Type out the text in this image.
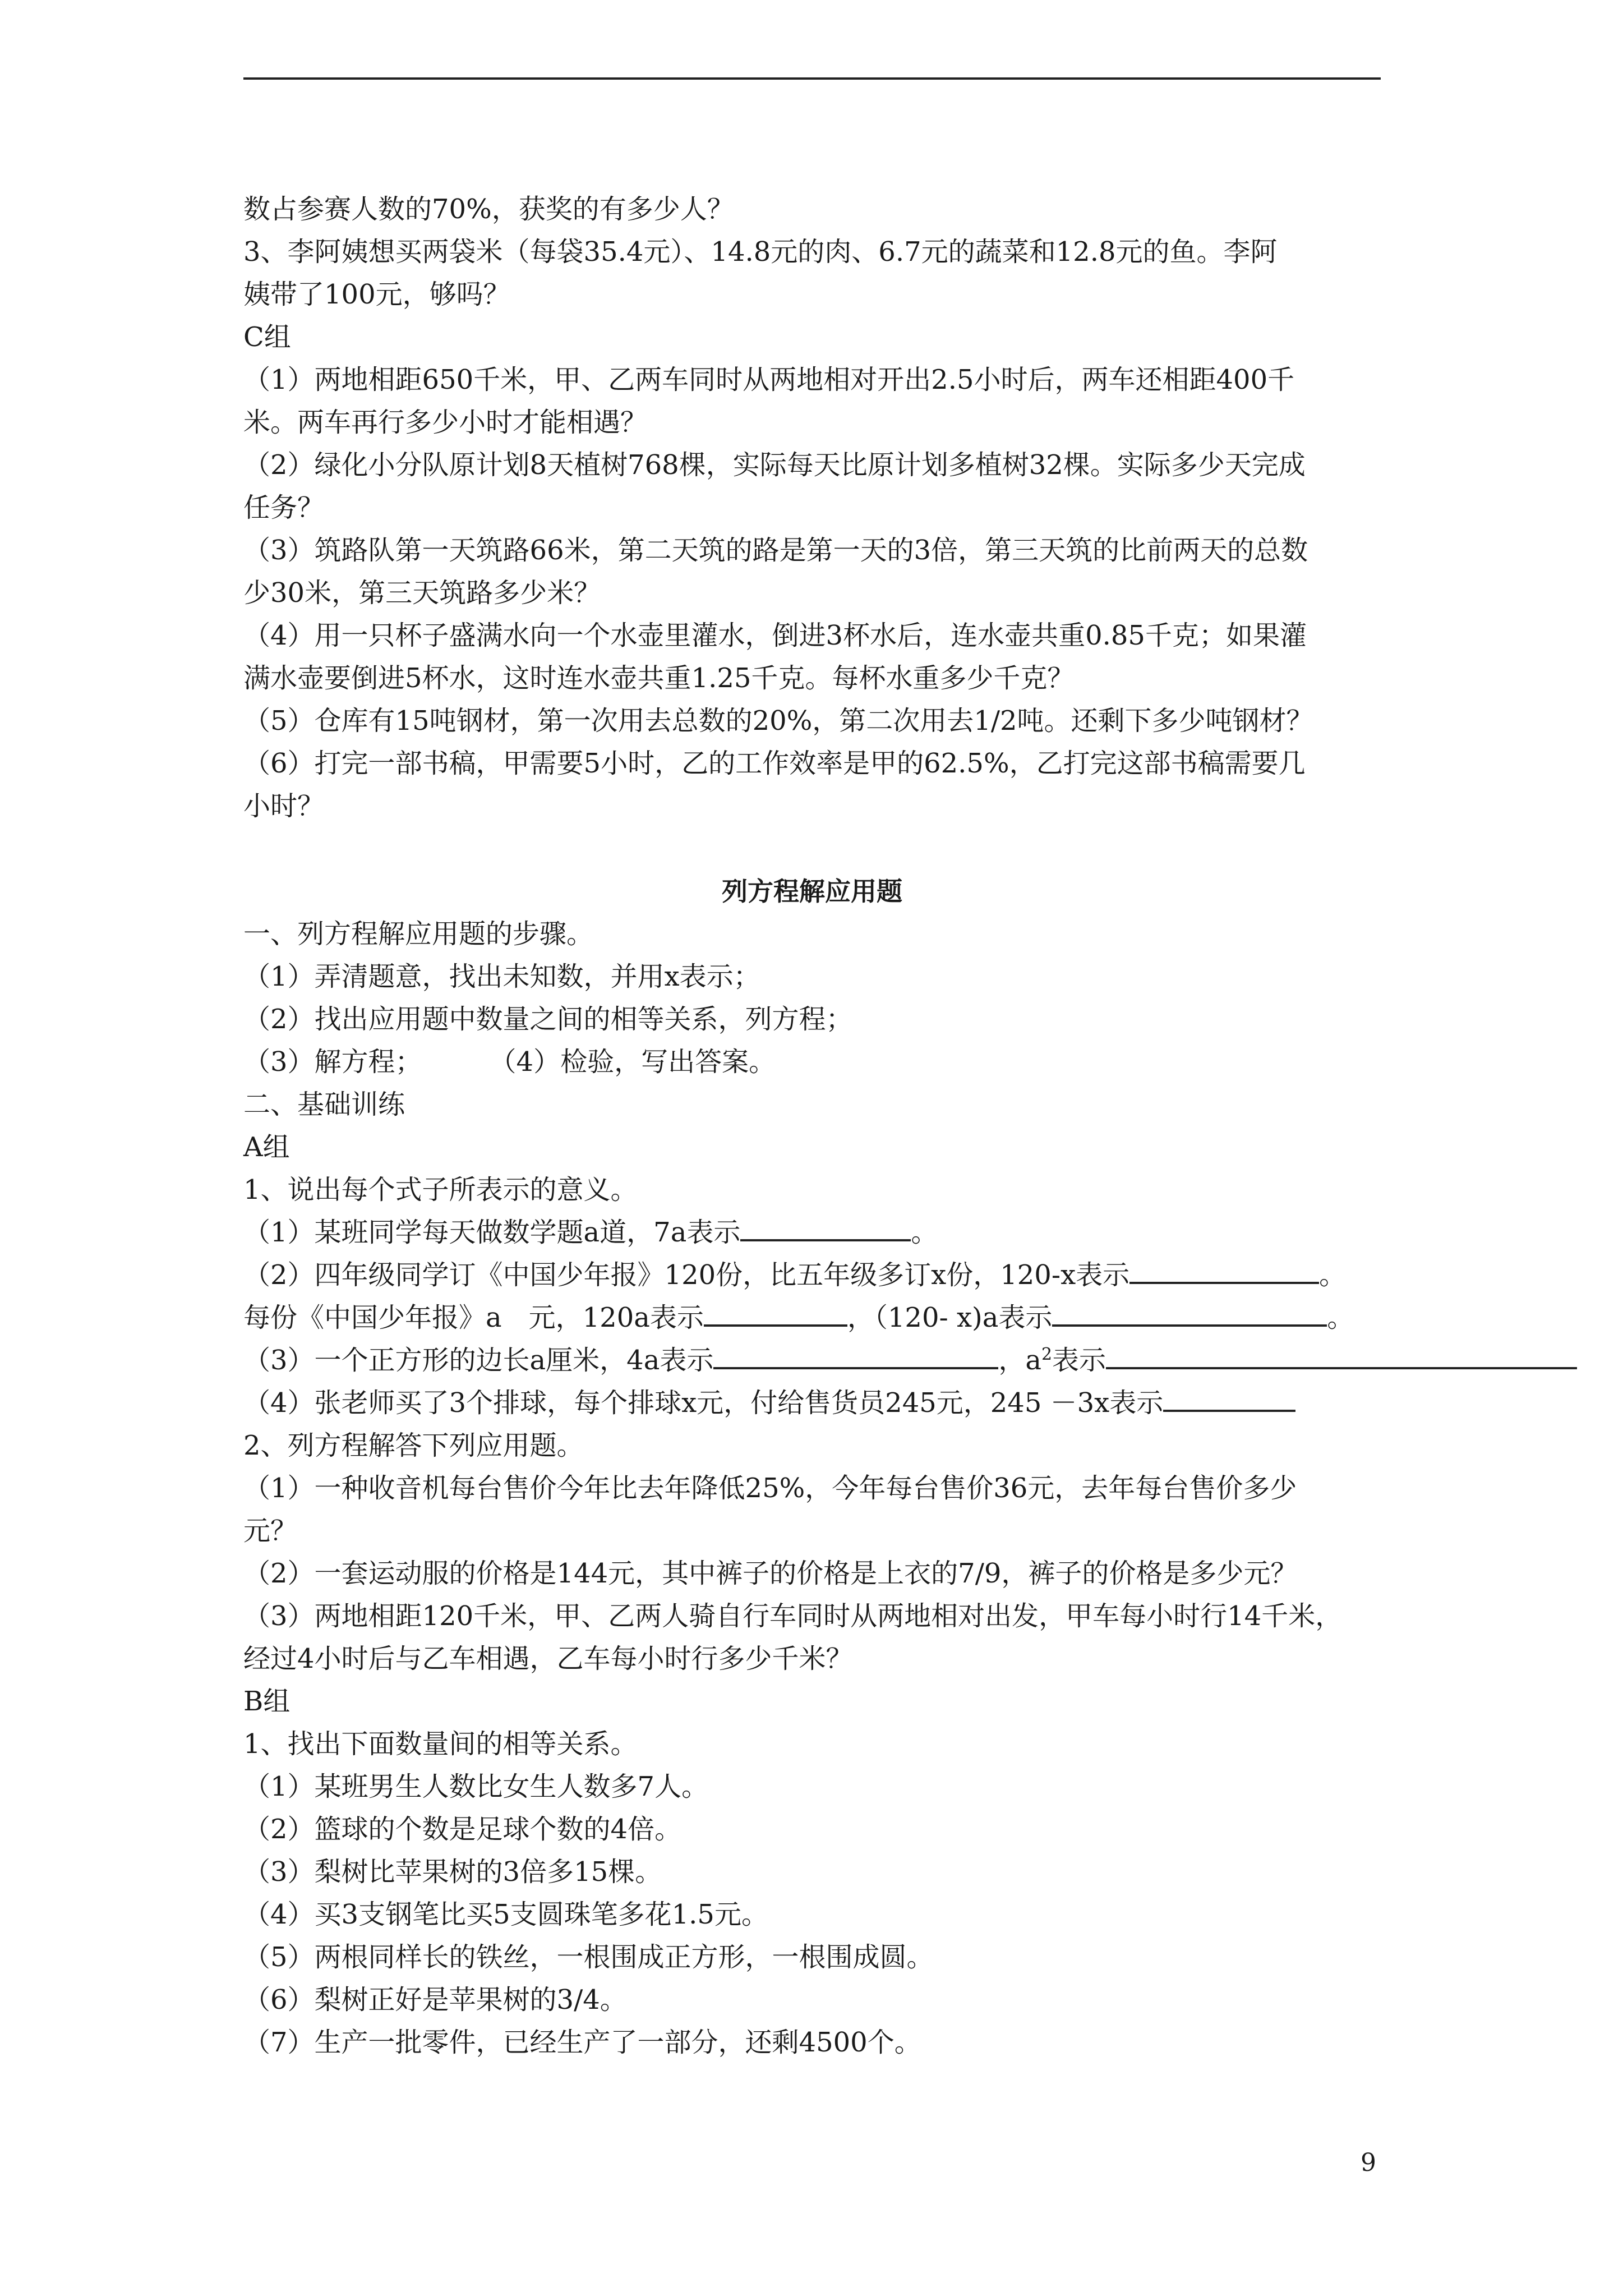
数占参赛人数的70%，获奖的有多少人？
3、李阿姨想买两袋米（每袋35.4元）、14.8元的肉、6.7元的蔬菜和12.8元的鱼。李阿
姨带了100元，够吗？
C组
（1）两地相距650千米，甲、乙两车同时从两地相对开出2.5小时后，两车还相距400千
米。两车再行多少小时才能相遇？
（2）绿化小分队原计划8天植树768棵，实际每天比原计划多植树32棵。实际多少天完成
任务？
（3）筑路队第一天筑路66米，第二天筑的路是第一天的3倍，第三天筑的比前两天的总数
少30米，第三天筑路多少米？
（4）用一只杯子盛满水向一个水壶里灌水，倒进3杯水后，连水壶共重0.85千克；如果灌
满水壶要倒进5杯水，这时连水壶共重1.25千克。每杯水重多少千克？
（5）仓库有15吨钢材，第一次用去总数的20%，第二次用去1/2吨。还剩下多少吨钢材？
（6）打完一部书稿，甲需要5小时，乙的工作效率是甲的62.5%，乙打完这部书稿需要几
小时？
列方程解应用题
一、列方程解应用题的步骤。
（1）弄清题意，找出未知数，并用x表示；
（2）找出应用题中数量之间的相等关系，列方程；
（3）解方程；	（4）检验，写出答案。
二、基础训练
A组
1、说出每个式子所表示的意义。
（1）某班同学每天做数学题a道，7a表示	。
（2）四年级同学订《中国少年报》120份，比五年级多订x份，120-x表示	。
每份《中国少年报》a　元，120a表示	，（120- x)a表示	。
（3）一个正方形的边长a厘米，4a表示	，$a^2$表示
（4）张老师买了3个排球，每个排球x元，付给售货员245元，245 －3x表示
2、列方程解答下列应用题。
（1）一种收音机每台售价今年比去年降低25%，今年每台售价36元，去年每台售价多少
元？
（2）一套运动服的价格是144元，其中裤子的价格是上衣的7/9，裤子的价格是多少元？
（3）两地相距120千米，甲、乙两人骑自行车同时从两地相对出发，甲车每小时行14千米，
经过4小时后与乙车相遇，乙车每小时行多少千米？
B组
1、找出下面数量间的相等关系。
（1）某班男生人数比女生人数多7人。
（2）篮球的个数是足球个数的4倍。
（3）梨树比苹果树的3倍多15棵。
（4）买3支钢笔比买5支圆珠笔多花1.5元。
（5）两根同样长的铁丝，一根围成正方形，一根围成圆。
（6）梨树正好是苹果树的3/4。
（7）生产一批零件，已经生产了一部分，还剩4500个。
9
